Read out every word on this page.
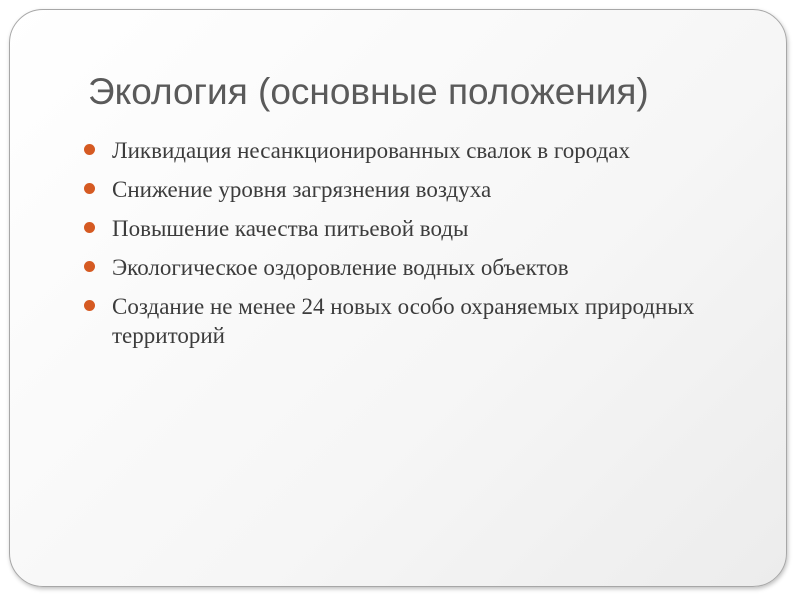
Экология (основные положения)
Ликвидация несанкционированных свалок в городах
Снижение уровня загрязнения воздуха
Повышение качества питьевой воды
Экологическое оздоровление водных объектов
Создание не менее 24 новых особо охраняемых природных территорий
